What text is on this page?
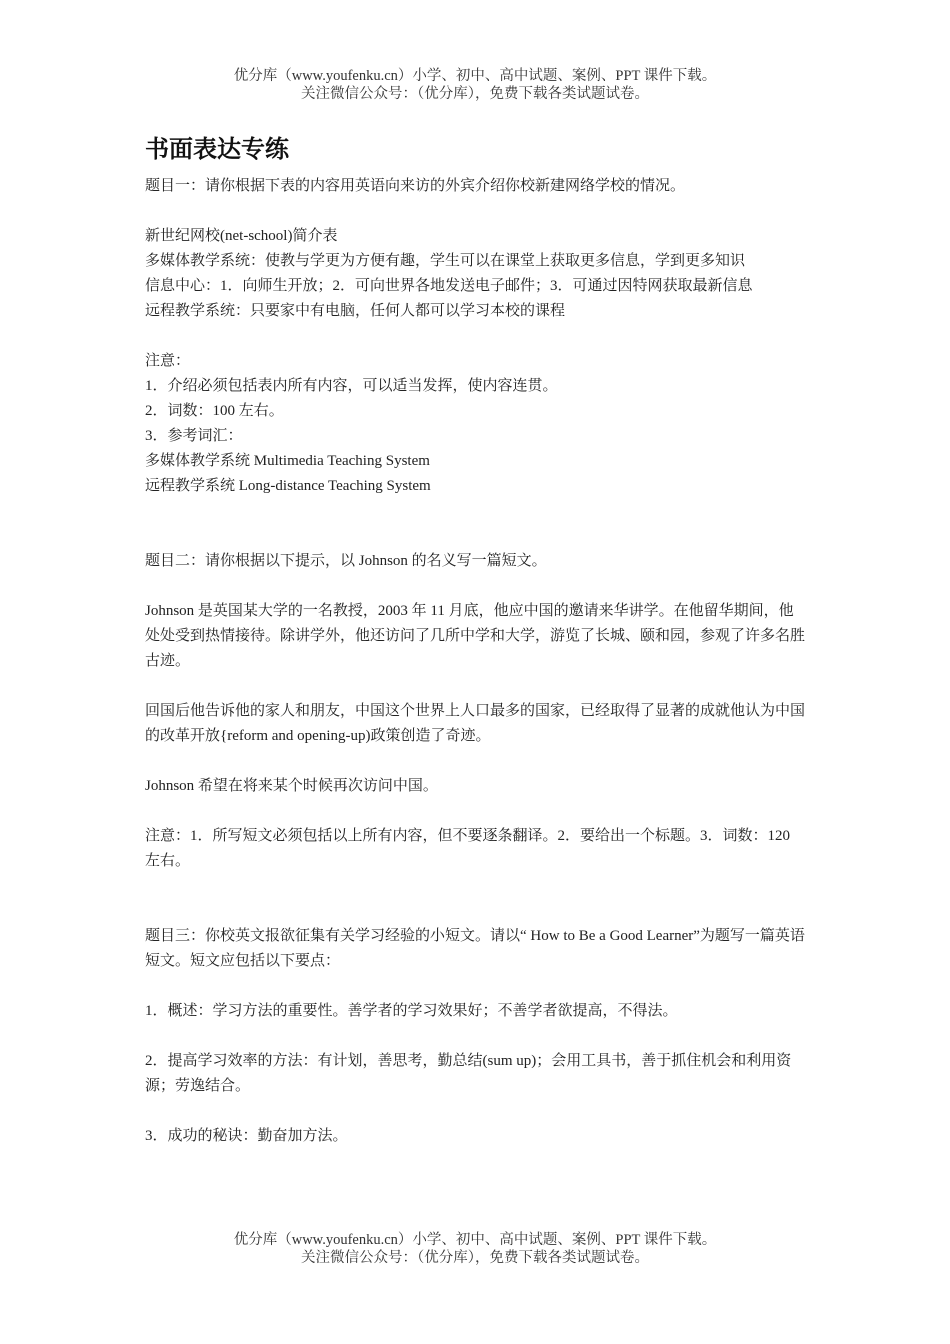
优分库（www.youfenku.cn）小学、初中、高中试题、案例、PPT 课件下载。
关注微信公众号：（优分库），免费下载各类试题试卷。
书面表达专练

题目一：请你根据下表的内容用英语向来访的外宾介绍你校新建网络学校的情况。

新世纪网校(net-school)简介表

多媒体教学系统：使教与学更为方便有趣，学生可以在课堂上获取更多信息，学到更多知识

信息中心：1．向师生开放；2．可向世界各地发送电子邮件；3．可通过因特网获取最新信息

远程教学系统：只要家中有电脑，任何人都可以学习本校的课程

注意：

1．介绍必须包括表内所有内容，可以适当发挥，使内容连贯。

2．词数：100 左右。

3．参考词汇：

多媒体教学系统 Multimedia Teaching System

远程教学系统 Long-distance Teaching System

题目二：请你根据以下提示，以 Johnson 的名义写一篇短文。

Johnson 是英国某大学的一名教授，2003 年 11 月底，他应中国的邀请来华讲学。在他留华期间，他处处受到热情接待。除讲学外，他还访问了几所中学和大学，游览了长城、颐和园，参观了许多名胜古迹。

回国后他告诉他的家人和朋友，中国这个世界上人口最多的国家，已经取得了显著的成就他认为中国的改革开放{reform and opening-up)政策创造了奇迹。

Johnson 希望在将来某个时候再次访问中国。

注意：1．所写短文必须包括以上所有内容，但不要逐条翻译。2．要给出一个标题。3．词数：120 左右。

题目三：你校英文报欲征集有关学习经验的小短文。请以“ How to Be a Good Learner”为题写一篇英语短文。短文应包括以下要点：

1．概述：学习方法的重要性。善学者的学习效果好；不善学者欲提高，不得法。

2．提高学习效率的方法：有计划，善思考，勤总结(sum up)；会用工具书，善于抓住机会和利用资源；劳逸结合。

3．成功的秘诀：勤奋加方法。

优分库（www.youfenku.cn）小学、初中、高中试题、案例、PPT 课件下载。
关注微信公众号：（优分库），免费下载各类试题试卷。
